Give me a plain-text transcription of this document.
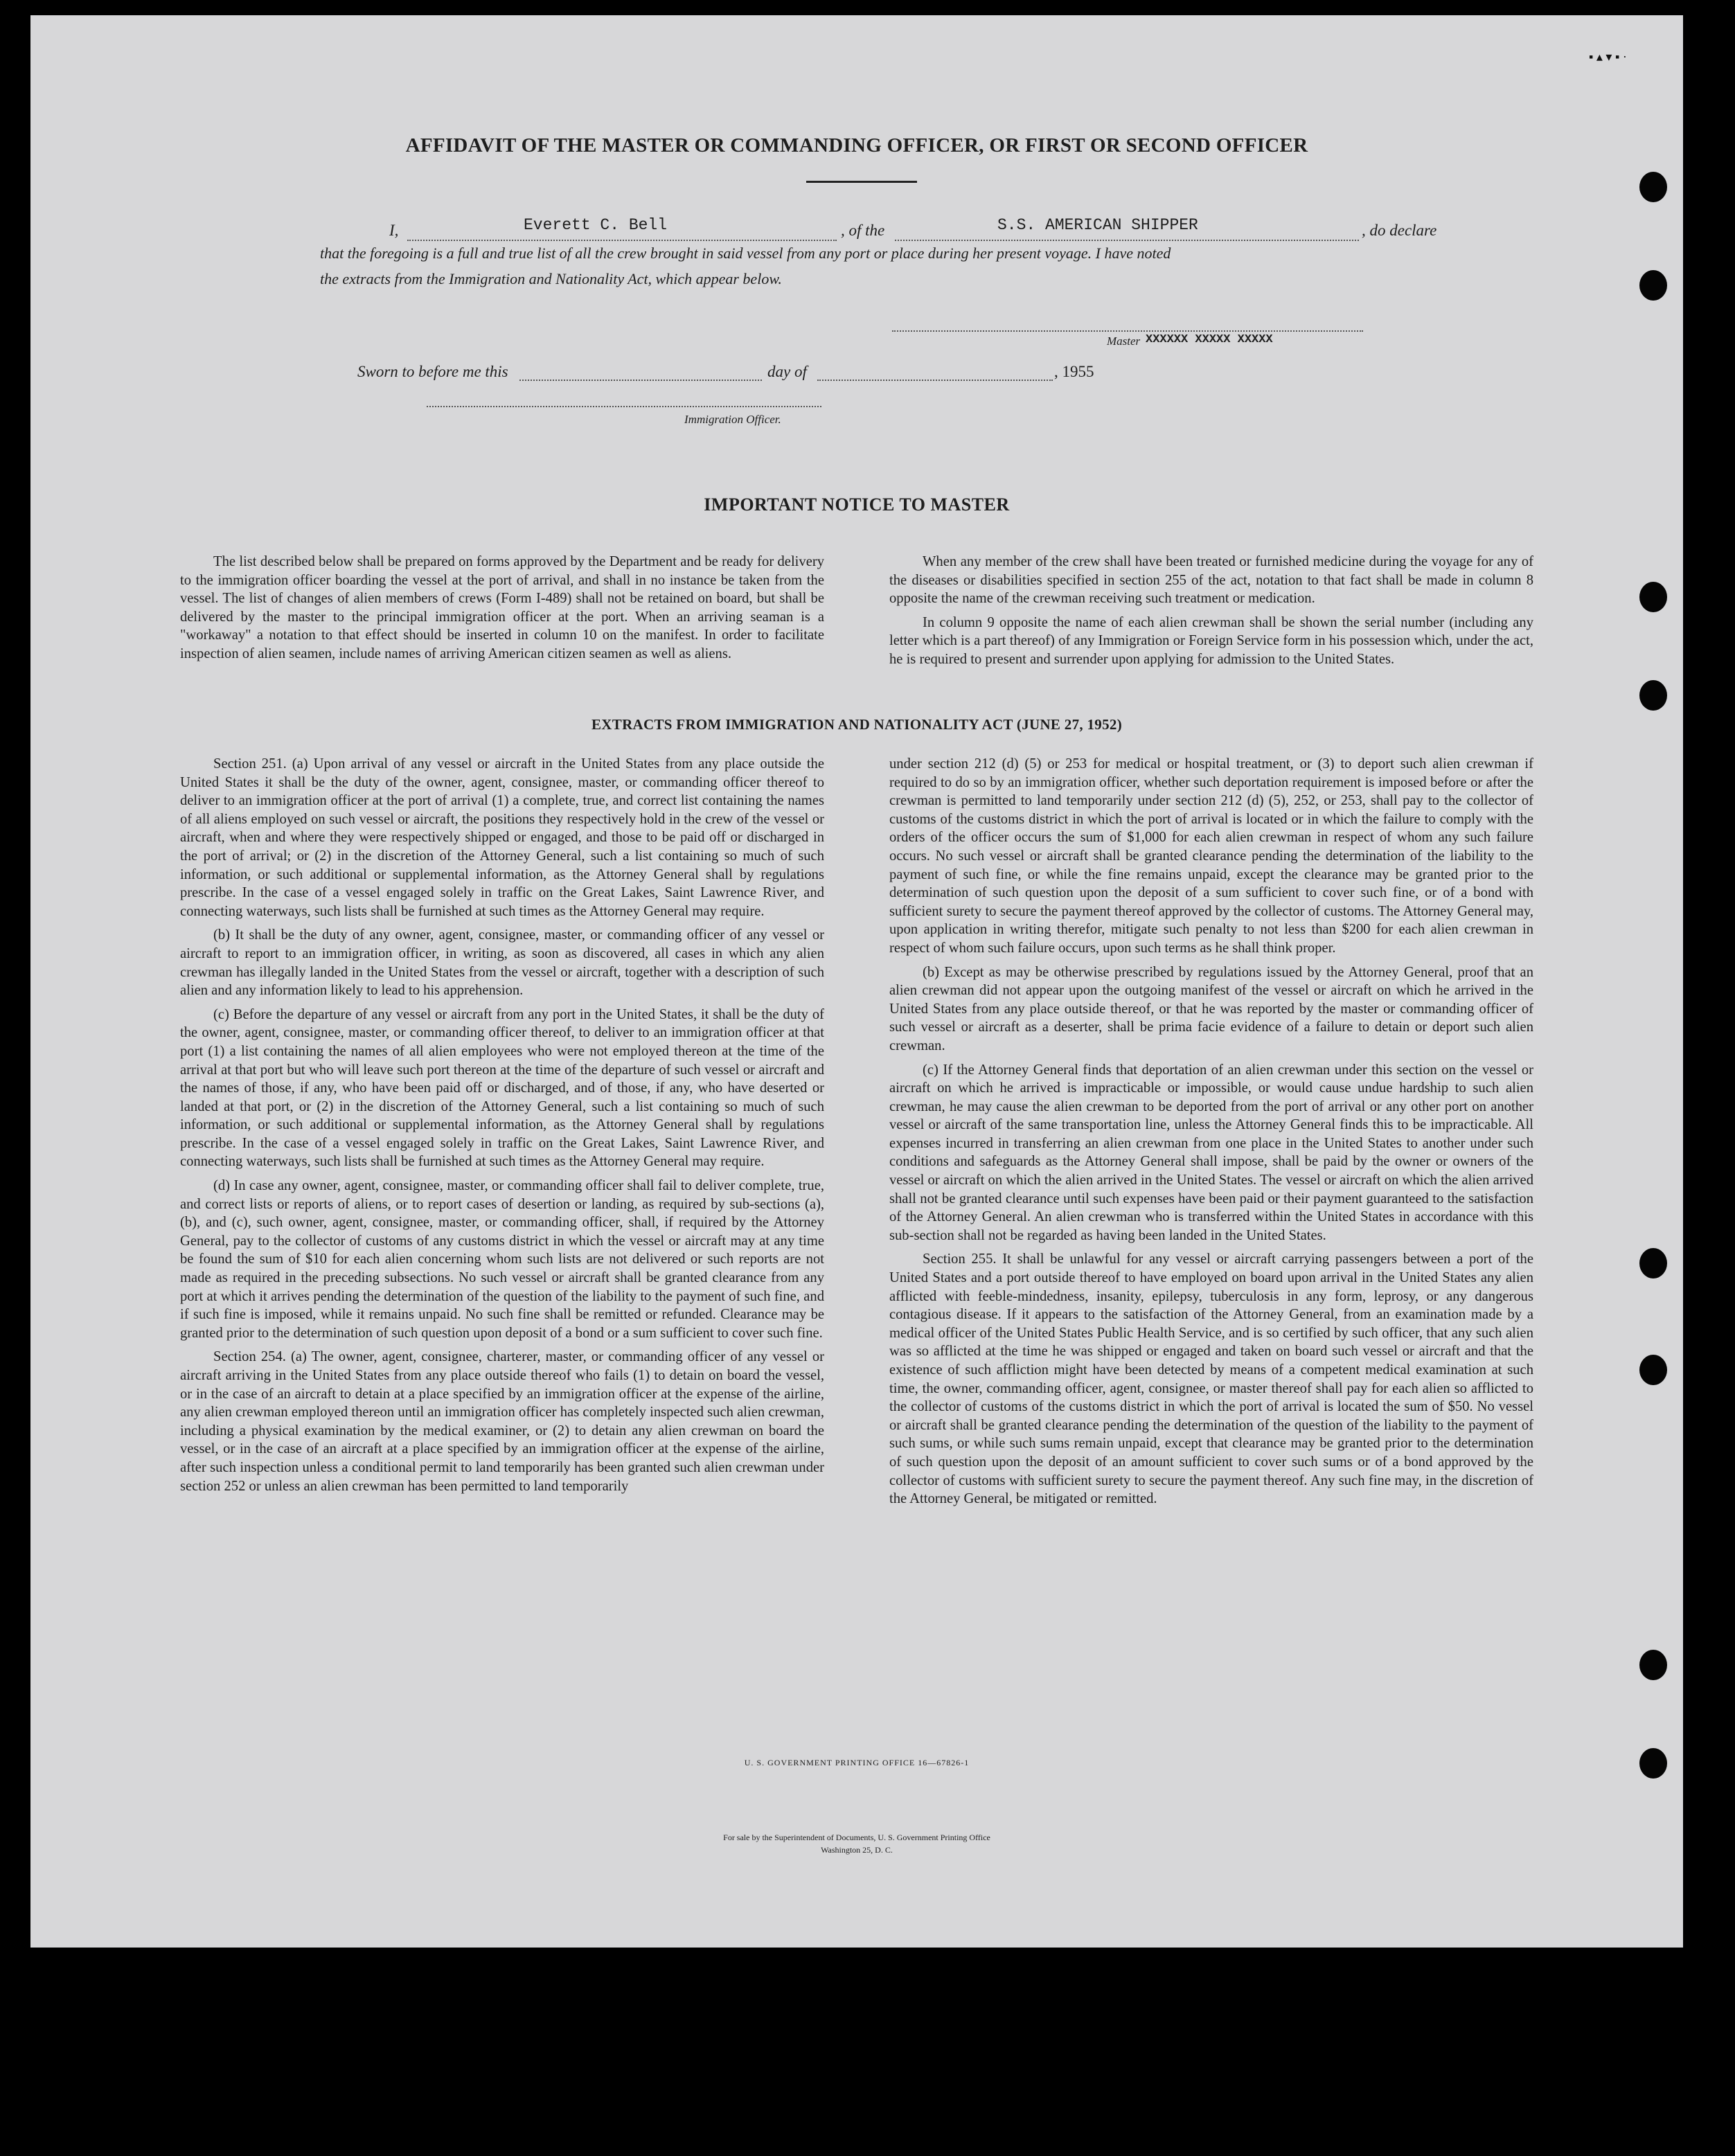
▪ ▴ ▾ ▪ ·
AFFIDAVIT OF THE MASTER OR COMMANDING OFFICER, OR FIRST OR SECOND OFFICER
I,	Everett C. Bell	, of the	S.S. AMERICAN SHIPPER	, do declare
that the foregoing is a full and true list of all the crew brought in said vessel from any port or place during her present voyage. I have noted
the extracts from the Immigration and Nationality Act, which appear below.
Master XXXXXX XXXXX XXXXX
Sworn to before me this	day of	, 1955
Immigration Officer.
IMPORTANT NOTICE TO MASTER

The list described below shall be prepared on forms approved by the Department and be ready for delivery to the immigration officer boarding the vessel at the port of arrival, and shall in no instance be taken from the vessel. The list of changes of alien members of crews (Form I-489) shall not be retained on board, but shall be delivered by the master to the principal immigration officer at the port. When an arriving seaman is a "workaway" a notation to that effect should be inserted in column 10 on the manifest. In order to facilitate inspection of alien seamen, include names of arriving American citizen seamen as well as aliens.

When any member of the crew shall have been treated or furnished medicine during the voyage for any of the diseases or disabilities specified in section 255 of the act, notation to that fact shall be made in column 8 opposite the name of the crewman receiving such treatment or medication.

In column 9 opposite the name of each alien crewman shall be shown the serial number (including any letter which is a part thereof) of any Immigration or Foreign Service form in his possession which, under the act, he is required to present and surrender upon applying for admission to the United States.

EXTRACTS FROM IMMIGRATION AND NATIONALITY ACT (JUNE 27, 1952)

Section 251. (a) Upon arrival of any vessel or aircraft in the United States from any place outside the United States it shall be the duty of the owner, agent, consignee, master, or commanding officer thereof to deliver to an immigration officer at the port of arrival (1) a complete, true, and correct list containing the names of all aliens employed on such vessel or aircraft, the positions they respectively hold in the crew of the vessel or aircraft, when and where they were respectively shipped or engaged, and those to be paid off or discharged in the port of arrival; or (2) in the discretion of the Attorney General, such a list containing so much of such information, or such additional or supplemental information, as the Attorney General shall by regulations prescribe. In the case of a vessel engaged solely in traffic on the Great Lakes, Saint Lawrence River, and connecting waterways, such lists shall be furnished at such times as the Attorney General may require.

(b) It shall be the duty of any owner, agent, consignee, master, or commanding officer of any vessel or aircraft to report to an immigration officer, in writing, as soon as discovered, all cases in which any alien crewman has illegally landed in the United States from the vessel or aircraft, together with a description of such alien and any information likely to lead to his apprehension.

(c) Before the departure of any vessel or aircraft from any port in the United States, it shall be the duty of the owner, agent, consignee, master, or commanding officer thereof, to deliver to an immigration officer at that port (1) a list containing the names of all alien employees who were not employed thereon at the time of the arrival at that port but who will leave such port thereon at the time of the departure of such vessel or aircraft and the names of those, if any, who have been paid off or discharged, and of those, if any, who have deserted or landed at that port, or (2) in the discretion of the Attorney General, such a list containing so much of such information, or such additional or supplemental information, as the Attorney General shall by regulations prescribe. In the case of a vessel engaged solely in traffic on the Great Lakes, Saint Lawrence River, and connecting waterways, such lists shall be furnished at such times as the Attorney General may require.

(d) In case any owner, agent, consignee, master, or commanding officer shall fail to deliver complete, true, and correct lists or reports of aliens, or to report cases of desertion or landing, as required by sub-sections (a), (b), and (c), such owner, agent, consignee, master, or commanding officer, shall, if required by the Attorney General, pay to the collector of customs of any customs district in which the vessel or aircraft may at any time be found the sum of $10 for each alien concerning whom such lists are not delivered or such reports are not made as required in the preceding subsections. No such vessel or aircraft shall be granted clearance from any port at which it arrives pending the determination of the question of the liability to the payment of such fine, and if such fine is imposed, while it remains unpaid. No such fine shall be remitted or refunded. Clearance may be granted prior to the determination of such question upon deposit of a bond or a sum sufficient to cover such fine.

Section 254. (a) The owner, agent, consignee, charterer, master, or commanding officer of any vessel or aircraft arriving in the United States from any place outside thereof who fails (1) to detain on board the vessel, or in the case of an aircraft to detain at a place specified by an immigration officer at the expense of the airline, any alien crewman employed thereon until an immigration officer has completely inspected such alien crewman, including a physical examination by the medical examiner, or (2) to detain any alien crewman on board the vessel, or in the case of an aircraft at a place specified by an immigration officer at the expense of the airline, after such inspection unless a conditional permit to land temporarily has been granted such alien crewman under section 252 or unless an alien crewman has been permitted to land temporarily

under section 212 (d) (5) or 253 for medical or hospital treatment, or (3) to deport such alien crewman if required to do so by an immigration officer, whether such deportation requirement is imposed before or after the crewman is permitted to land temporarily under section 212 (d) (5), 252, or 253, shall pay to the collector of customs of the customs district in which the port of arrival is located or in which the failure to comply with the orders of the officer occurs the sum of $1,000 for each alien crewman in respect of whom any such failure occurs. No such vessel or aircraft shall be granted clearance pending the determination of the liability to the payment of such fine, or while the fine remains unpaid, except the clearance may be granted prior to the determination of such question upon the deposit of a sum sufficient to cover such fine, or of a bond with sufficient surety to secure the payment thereof approved by the collector of customs. The Attorney General may, upon application in writing therefor, mitigate such penalty to not less than $200 for each alien crewman in respect of whom such failure occurs, upon such terms as he shall think proper.

(b) Except as may be otherwise prescribed by regulations issued by the Attorney General, proof that an alien crewman did not appear upon the outgoing manifest of the vessel or aircraft on which he arrived in the United States from any place outside thereof, or that he was reported by the master or commanding officer of such vessel or aircraft as a deserter, shall be prima facie evidence of a failure to detain or deport such alien crewman.

(c) If the Attorney General finds that deportation of an alien crewman under this section on the vessel or aircraft on which he arrived is impracticable or impossible, or would cause undue hardship to such alien crewman, he may cause the alien crewman to be deported from the port of arrival or any other port on another vessel or aircraft of the same transportation line, unless the Attorney General finds this to be impracticable. All expenses incurred in transferring an alien crewman from one place in the United States to another under such conditions and safeguards as the Attorney General shall impose, shall be paid by the owner or owners of the vessel or aircraft on which the alien arrived in the United States. The vessel or aircraft on which the alien arrived shall not be granted clearance until such expenses have been paid or their payment guaranteed to the satisfaction of the Attorney General. An alien crewman who is transferred within the United States in accordance with this sub-section shall not be regarded as having been landed in the United States.

Section 255. It shall be unlawful for any vessel or aircraft carrying passengers between a port of the United States and a port outside thereof to have employed on board upon arrival in the United States any alien afflicted with feeble-mindedness, insanity, epilepsy, tuberculosis in any form, leprosy, or any dangerous contagious disease. If it appears to the satisfaction of the Attorney General, from an examination made by a medical officer of the United States Public Health Service, and is so certified by such officer, that any such alien was so afflicted at the time he was shipped or engaged and taken on board such vessel or aircraft and that the existence of such affliction might have been detected by means of a competent medical examination at such time, the owner, commanding officer, agent, consignee, or master thereof shall pay for each alien so afflicted to the collector of customs of the customs district in which the port of arrival is located the sum of $50. No vessel or aircraft shall be granted clearance pending the determination of the question of the liability to the payment of such sums, or while such sums remain unpaid, except that clearance may be granted prior to the determination of such question upon the deposit of an amount sufficient to cover such sums or of a bond approved by the collector of customs with sufficient surety to secure the payment thereof. Any such fine may, in the discretion of the Attorney General, be mitigated or remitted.

U. S. GOVERNMENT PRINTING OFFICE 16—67826-1
For sale by the Superintendent of Documents, U. S. Government Printing Office
Washington 25, D. C.
